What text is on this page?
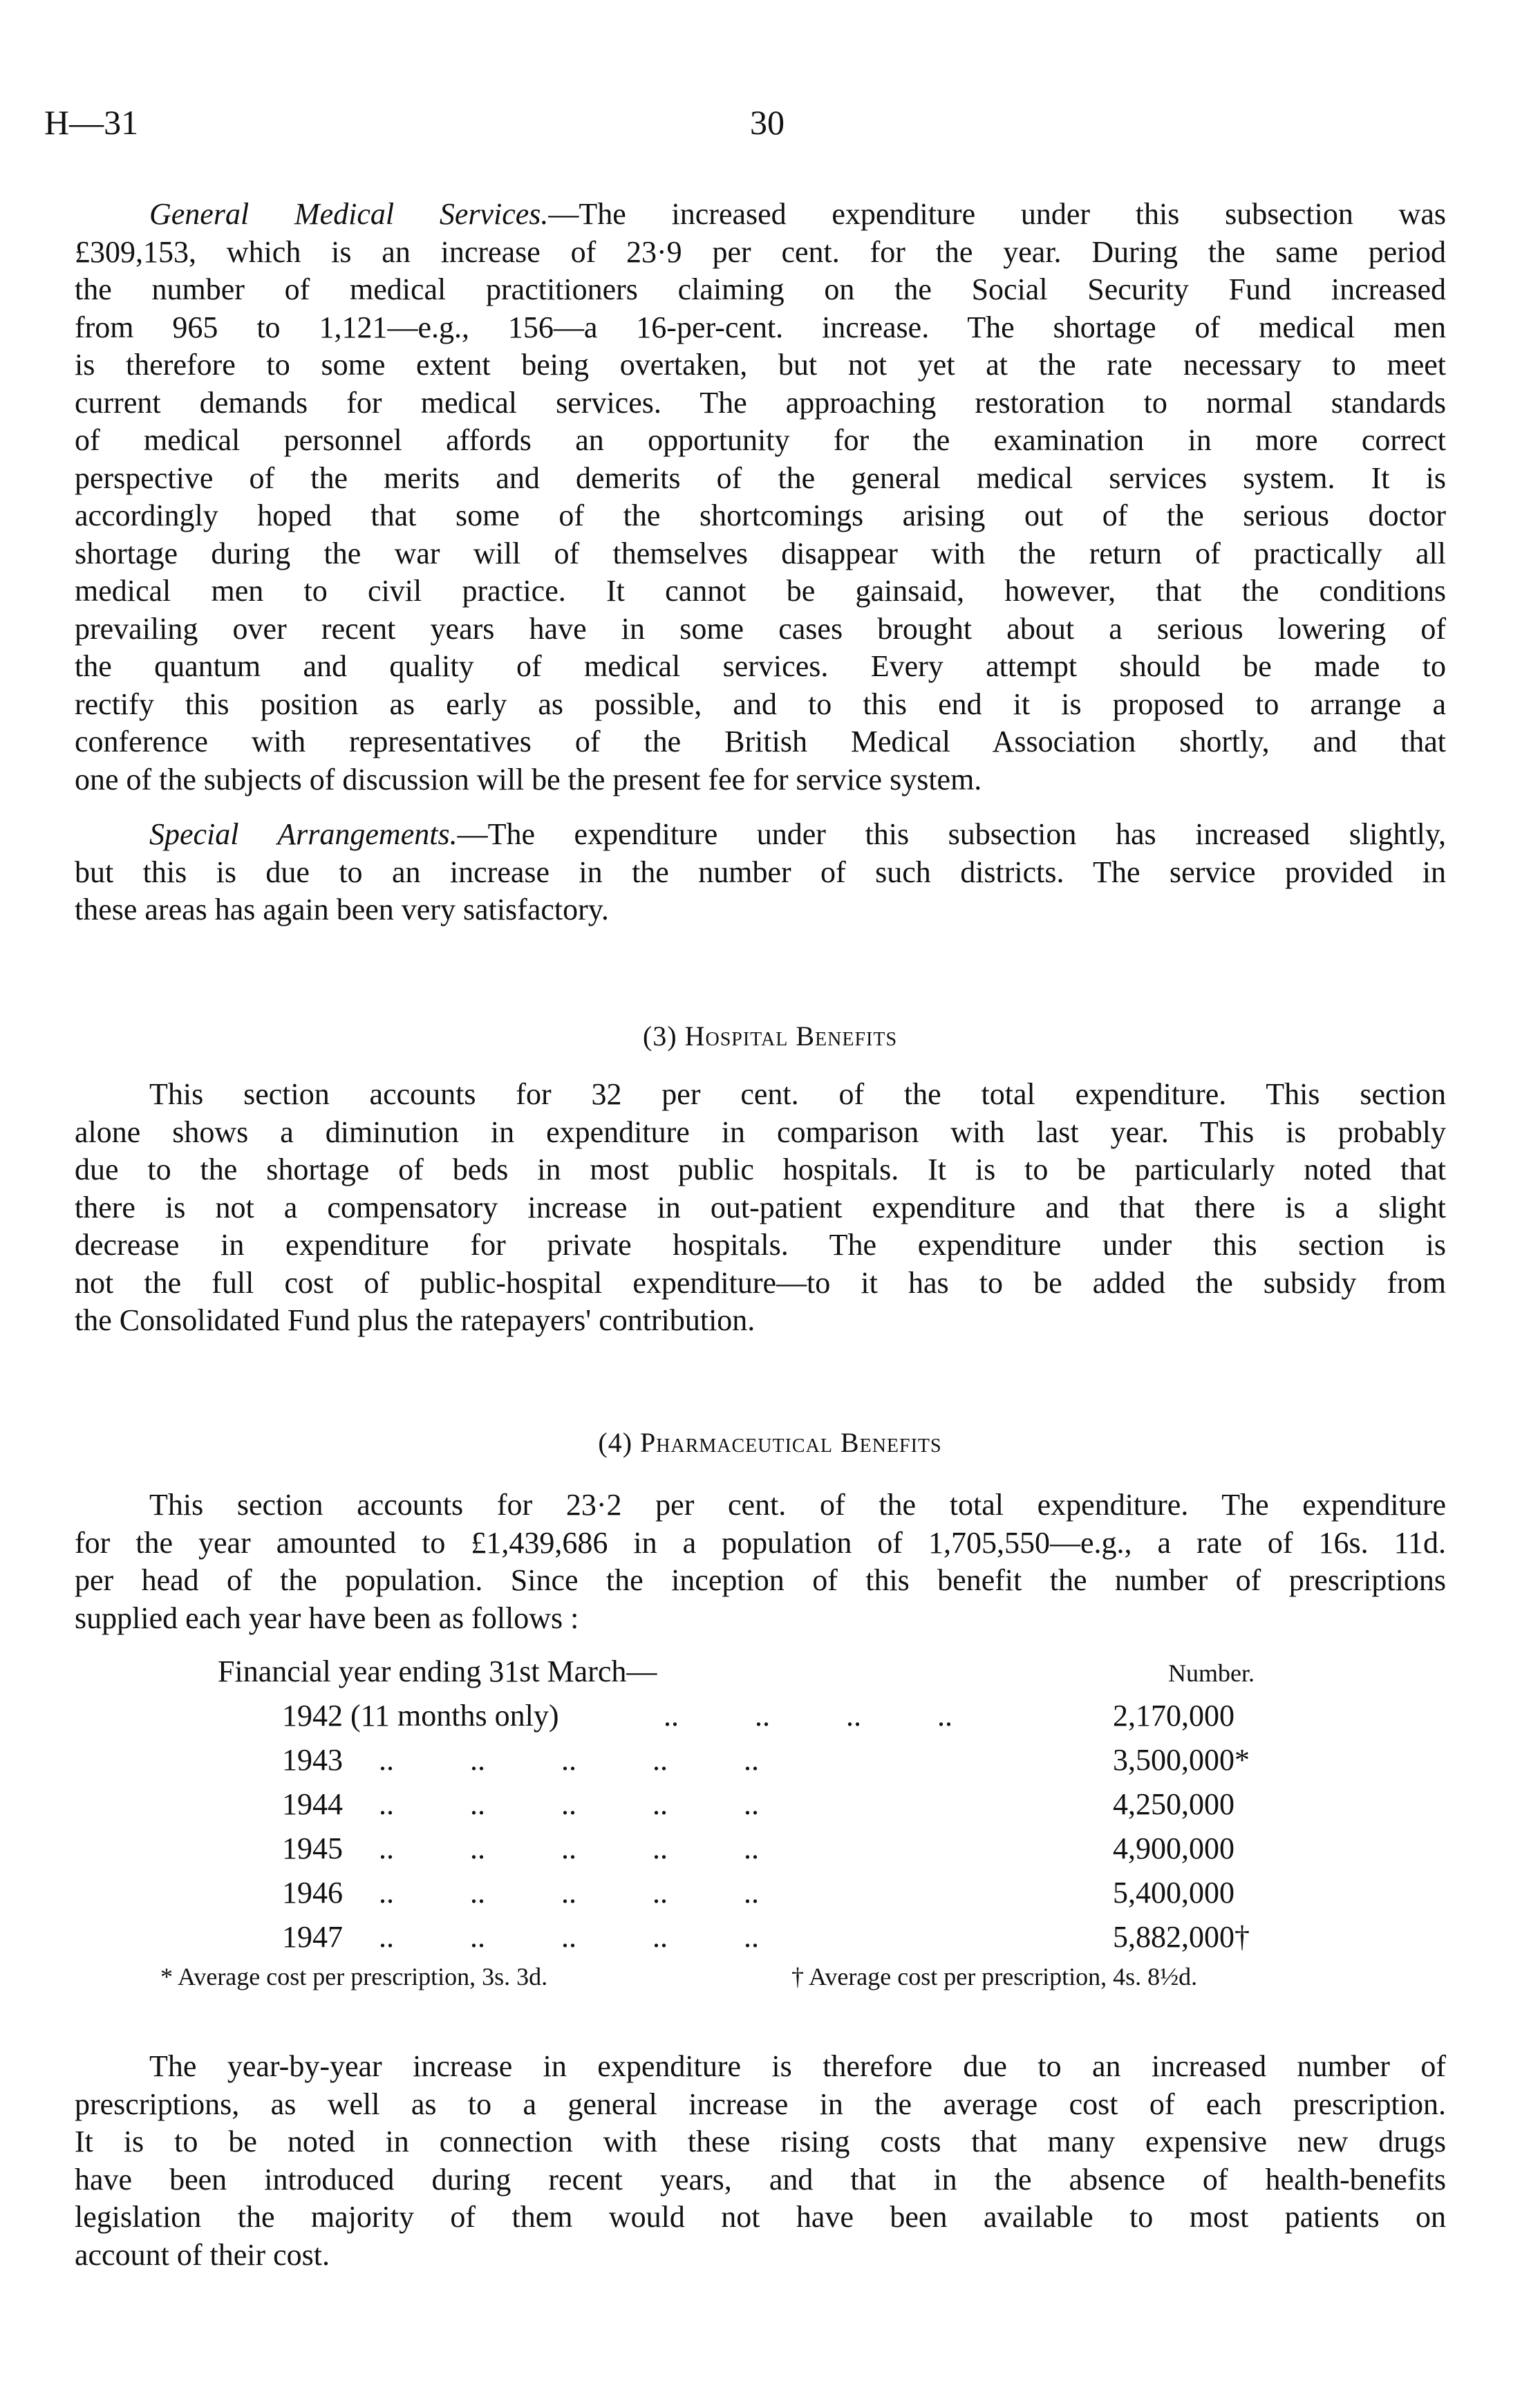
H—31	30
General Medical Services.—The increased expenditure under this subsection was
£309,153, which is an increase of 23·9 per cent. for the year. During the same period
the number of medical practitioners claiming on the Social Security Fund increased
from 965 to 1,121—e.g., 156—a 16-per-cent. increase. The shortage of medical men
is therefore to some extent being overtaken, but not yet at the rate necessary to meet
current demands for medical services. The approaching restoration to normal standards
of medical personnel affords an opportunity for the examination in more correct
perspective of the merits and demerits of the general medical services system. It is
accordingly hoped that some of the shortcomings arising out of the serious doctor
shortage during the war will of themselves disappear with the return of practically all
medical men to civil practice. It cannot be gainsaid, however, that the conditions
prevailing over recent years have in some cases brought about a serious lowering of
the quantum and quality of medical services. Every attempt should be made to
rectify this position as early as possible, and to this end it is proposed to arrange a
conference with representatives of the British Medical Association shortly, and that
one of the subjects of discussion will be the present fee for service system.
Special Arrangements.—The expenditure under this subsection has increased slightly,
but this is due to an increase in the number of such districts. The service provided in
these areas has again been very satisfactory.
(3) Hospital Benefits
This section accounts for 32 per cent. of the total expenditure. This section
alone shows a diminution in expenditure in comparison with last year. This is probably
due to the shortage of beds in most public hospitals. It is to be particularly noted that
there is not a compensatory increase in out-patient expenditure and that there is a slight
decrease in expenditure for private hospitals. The expenditure under this section is
not the full cost of public-hospital expenditure—to it has to be added the subsidy from
the Consolidated Fund plus the ratepayers' contribution.
(4) Pharmaceutical Benefits
This section accounts for 23·2 per cent. of the total expenditure. The expenditure
for the year amounted to £1,439,686 in a population of 1,705,550—e.g., a rate of 16s. 11d.
per head of the population. Since the inception of this benefit the number of prescriptions
supplied each year have been as follows :
Financial year ending 31st March—	Number.
1942 (11 months only)	..          ..          ..          ..	2,170,000
1943 ..          ..          ..          ..          ..	3,500,000*
1944 ..          ..          ..          ..          ..	4,250,000
1945 ..          ..          ..          ..          ..	4,900,000
1946 ..          ..          ..          ..          ..	5,400,000
1947 ..          ..          ..          ..          ..	5,882,000†
* Average cost per prescription, 3s. 3d.	† Average cost per prescription, 4s. 8½d.
The year-by-year increase in expenditure is therefore due to an increased number of
prescriptions, as well as to a general increase in the average cost of each prescription.
It is to be noted in connection with these rising costs that many expensive new drugs
have been introduced during recent years, and that in the absence of health-benefits
legislation the majority of them would not have been available to most patients on
account of their cost.
